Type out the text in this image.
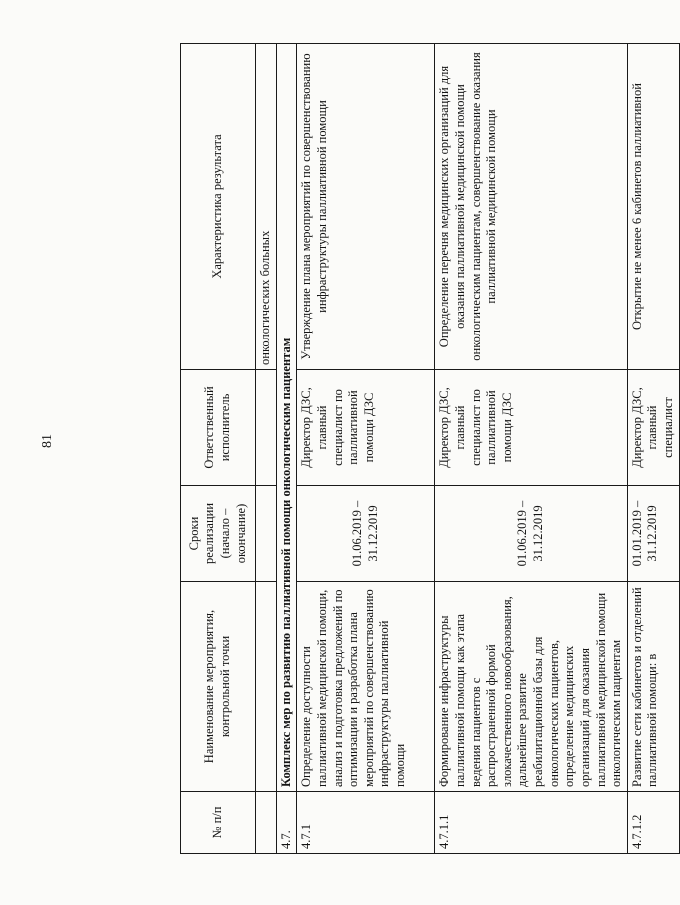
81
№ п/п	Наименование мероприятия, контрольной точки	Сроки реализации (начало – окончание)	Ответственный исполнитель	Характеристика результата
				онкологических больных
4.7.	Комплекс мер по развитию паллиативной помощи онкологическим пациентам			
4.7.1	Определение доступности паллиативной медицинской помощи, анализ и подготовка предложений по оптимизации и разработка плана мероприятий по совершенствованию инфраструктуры паллиативной помощи	01.06.2019 – 31.12.2019	Директор ДЗС, главный специалист по паллиативной помощи ДЗС	Утверждение плана мероприятий по совершенствованию инфраструктуры паллиативной помощи
4.7.1.1	Формирование инфраструктуры паллиативной помощи как этапа ведения пациентов с распространенной формой злокачественного новообразования, дальнейшее развитие реабилитационной базы для онкологических пациентов, определение медицинских организаций для оказания паллиативной медицинской помощи онкологическим пациентам	01.06.2019 – 31.12.2019	Директор ДЗС, главный специалист по паллиативной помощи ДЗС	Определение перечня медицинских организаций для оказания паллиативной медицинской помощи онкологическим пациентам, совершенствование оказания паллиативной медицинской помощи
4.7.1.2	Развитие сети кабинетов и отделений паллиативной помощи: в	01.01.2019 – 31.12.2019	Директор ДЗС, главный специалист	Открытие не менее 6 кабинетов паллиативной
